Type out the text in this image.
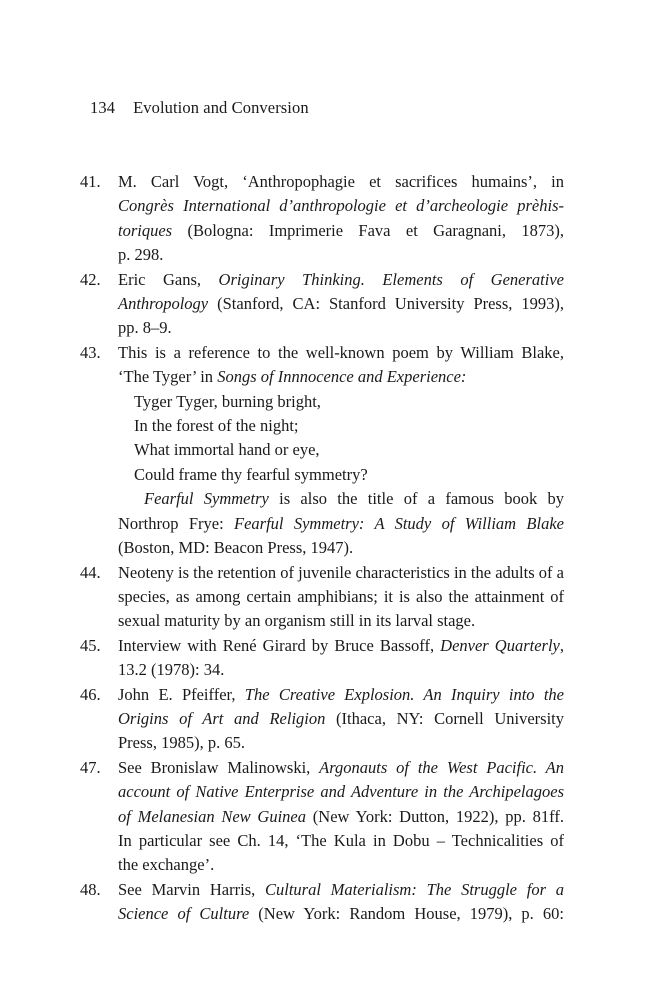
134 Evolution and Conversion
41.	M. Carl Vogt, ‘Anthropophagie et sacrifices humains’, in
Congrès International d’anthropologie et d’archeologie prèhis-
toriques (Bologna: Imprimerie Fava et Garagnani, 1873),
p. 298.
42.	Eric Gans, Originary Thinking. Elements of Generative
Anthropology (Stanford, CA: Stanford University Press, 1993),
pp. 8–9.
43.	This is a reference to the well-known poem by William Blake,
‘The Tyger’ in Songs of Innnocence and Experience:
Tyger Tyger, burning bright,
In the forest of the night;
What immortal hand or eye,
Could frame thy fearful symmetry?
Fearful Symmetry is also the title of a famous book by
Northrop Frye: Fearful Symmetry: A Study of William Blake
(Boston, MD: Beacon Press, 1947).
44.	Neoteny is the retention of juvenile characteristics in the adults of a species, as among certain amphibians; it is also the attainment of sexual maturity by an organism still in its larval stage.
45.	Interview with René Girard by Bruce Bassoff, Denver Quarterly,
13.2 (1978): 34.
46.	John E. Pfeiffer, The Creative Explosion. An Inquiry into the
Origins of Art and Religion (Ithaca, NY: Cornell University
Press, 1985), p. 65.
47.	See Bronislaw Malinowski, Argonauts of the West Pacific. An
account of Native Enterprise and Adventure in the Archipelagoes
of Melanesian New Guinea (New York: Dutton, 1922), pp. 81ff.
In particular see Ch. 14, ‘The Kula in Dobu – Technicalities of
the exchange’.
48.	See Marvin Harris, Cultural Materialism: The Struggle for a
Science of Culture (New York: Random House, 1979), p. 60:
